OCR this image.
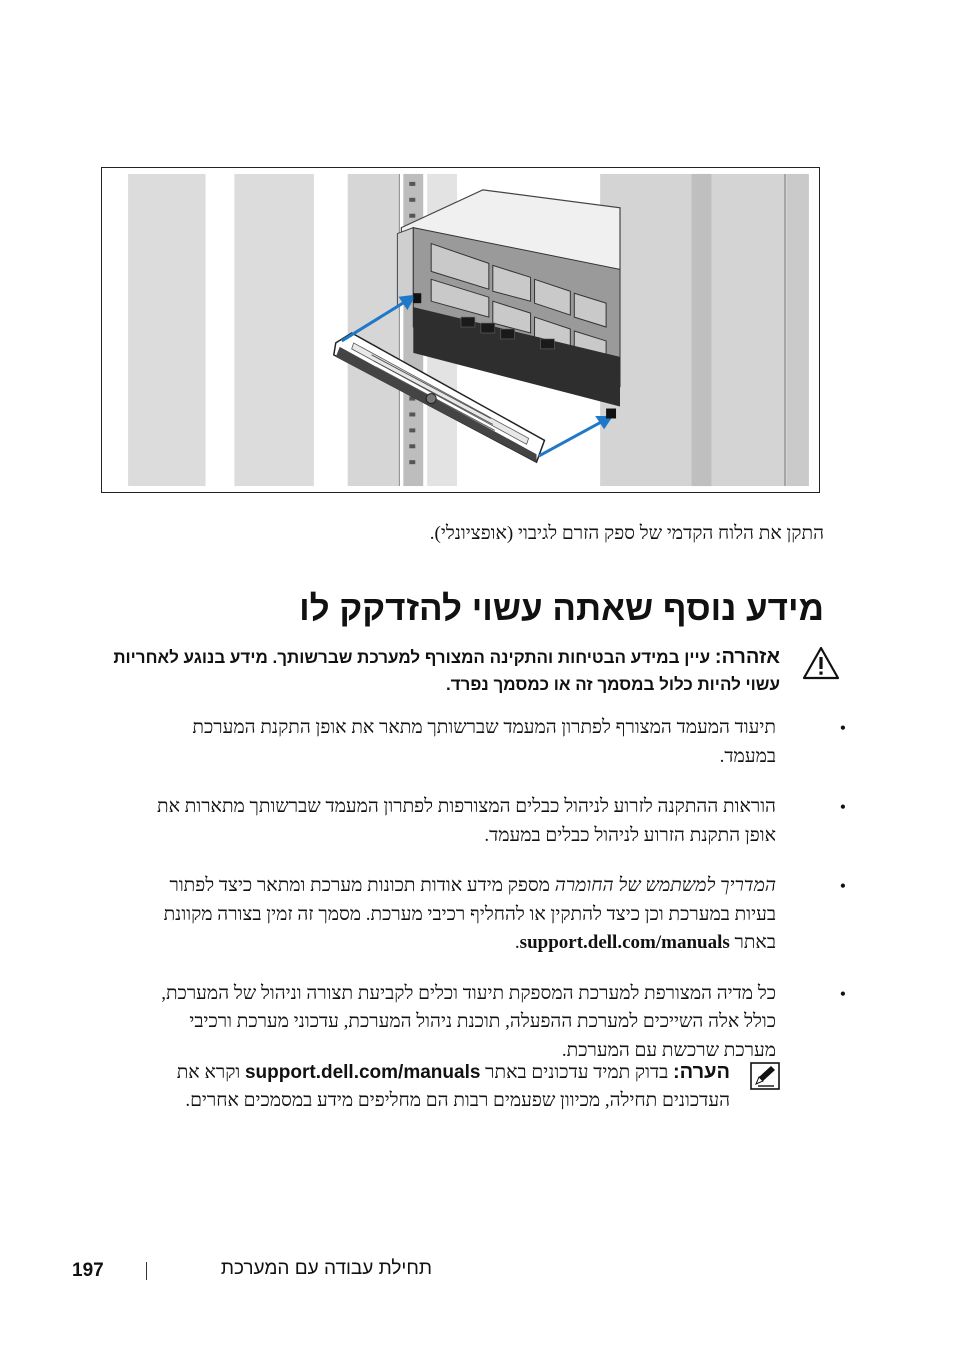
התקן את הלוח הקדמי של ספק הזרם לגיבוי (אופציונלי).
מידע נוסף שאתה עשוי להזדקק לו
אזהרה: עיין במידע הבטיחות והתקינה המצורף למערכת שברשותך. מידע בנוגע לאחריות עשוי להיות כלול במסמך זה או כמסמך נפרד.
•
תיעוד המעמד המצורף לפתרון המעמד שברשותך מתאר את אופן התקנת המערכת במעמד.
•
הוראות ההתקנה לזרוע לניהול כבלים המצורפות לפתרון המעמד שברשותך מתארות את אופן התקנת הזרוע לניהול כבלים במעמד.
•
המדריך למשתמש של החומרה מספק מידע אודות תכונות מערכת ומתאר כיצד לפתור בעיות במערכת וכן כיצד להתקין או להחליף רכיבי מערכת. מסמך זה זמין בצורה מקוונת באתר support.dell.com/manuals.
•
כל מדיה המצורפת למערכת המספקת תיעוד וכלים לקביעת תצורה וניהול של המערכת, כולל אלה השייכים למערכת ההפעלה, תוכנת ניהול המערכת, עדכוני מערכת ורכיבי מערכת שרכשת עם המערכת.
הערה: בדוק תמיד עדכונים באתר support.dell.com/manuals וקרא את העדכונים תחילה, מכיוון שפעמים רבות הם מחליפים מידע במסמכים אחרים.
197	תחילת עבודה עם המערכת
